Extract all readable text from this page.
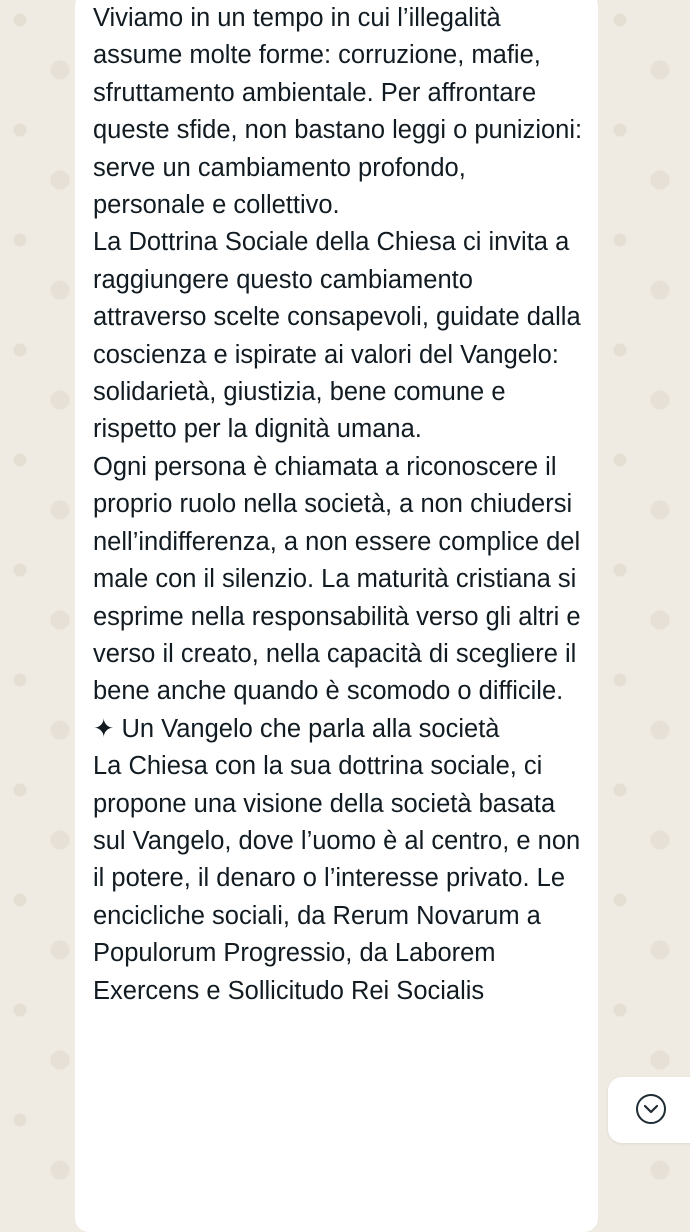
Viviamo in un tempo in cui l’illegalità assume molte forme: corruzione, mafie, sfruttamento ambientale. Per affrontare queste sfide, non bastano leggi o punizioni: serve un cambiamento profondo, personale e collettivo.
La Dottrina Sociale della Chiesa ci invita a raggiungere questo cambiamento attraverso scelte consapevoli, guidate dalla coscienza e ispirate ai valori del Vangelo: solidarietà, giustizia, bene comune e rispetto per la dignità umana.
Ogni persona è chiamata a riconoscere il proprio ruolo nella società, a non chiudersi nell’indifferenza, a non essere complice del male con il silenzio. La maturità cristiana si esprime nella responsabilità verso gli altri e verso il creato, nella capacità di scegliere il bene anche quando è scomodo o difficile.
✦ Un Vangelo che parla alla società
La Chiesa con la sua dottrina sociale, ci propone una visione della società basata sul Vangelo, dove l’uomo è al centro, e non il potere, il denaro o l’interesse privato. Le encicliche sociali, da Rerum Novarum a Populorum Progressio, da Laborem Exercens e Sollicitudo Rei Socialis
